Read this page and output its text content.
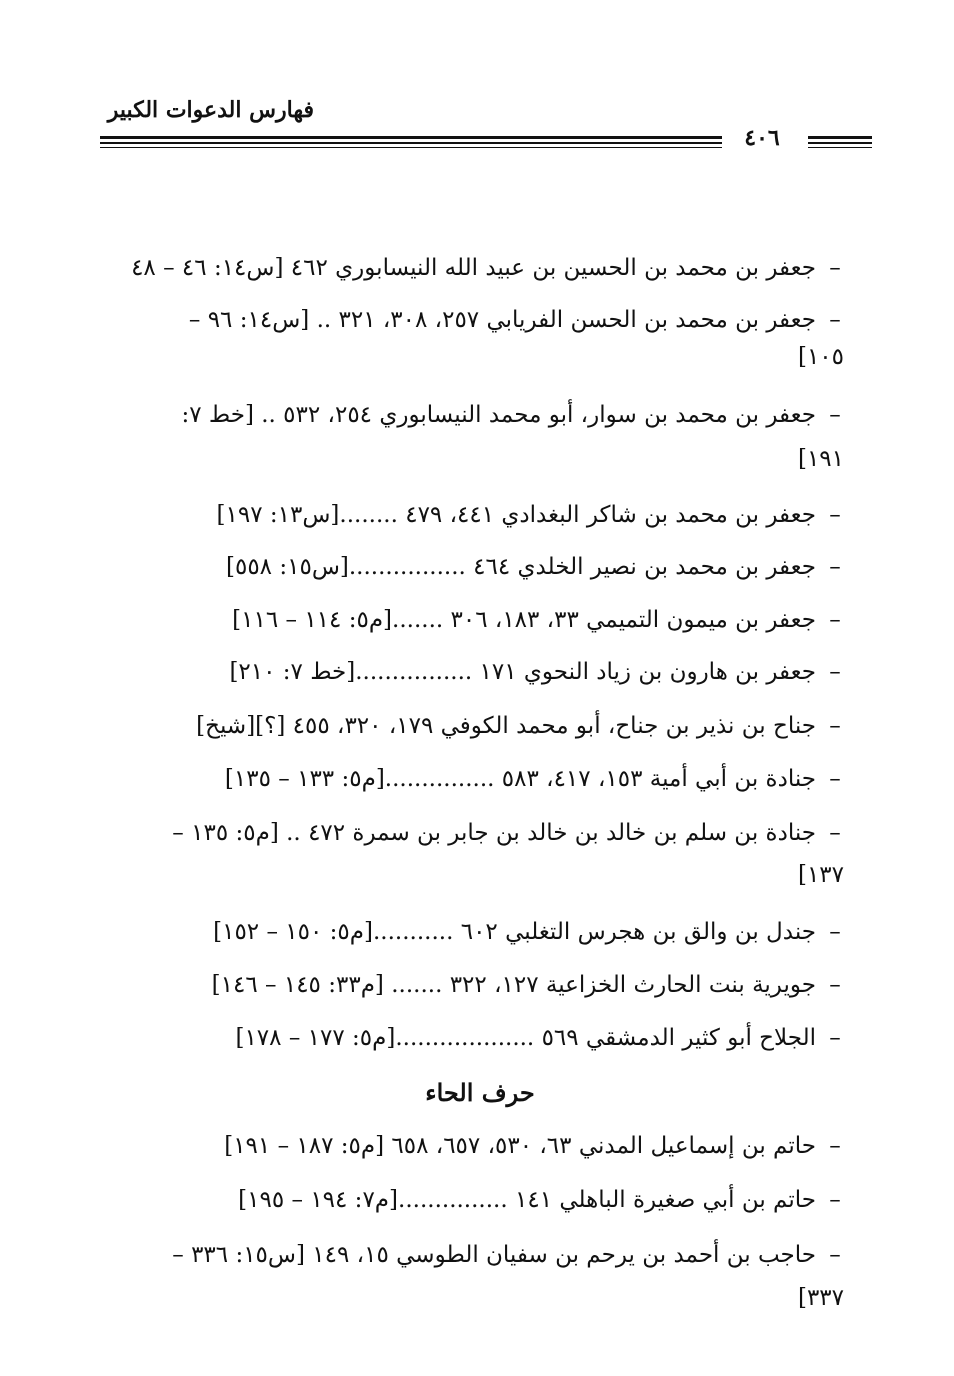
فهارس الدعوات الكبير
٤٠٦
–جعفر بن محمد بن الحسين بن عبيد الله النيسابوري ٤٦٢ [س١٤: ٤٦ – ٤٨
–جعفر بن محمد بن الحسن الفريابي ٢٥٧، ٣٠٨، ٣٢١ .. [س١٤: ٩٦ –
١٠٥]
–جعفر بن محمد بن سوار، أبو محمد النيسابوري ٢٥٤، ٥٣٢ .. [خط ٧:
١٩١]
–جعفر بن محمد بن شاكر البغدادي ٤٤١، ٤٧٩ ........[س١٣: ١٩٧]
–جعفر بن محمد بن نصير الخلدي ٤٦٤ ................[س١٥: ٥٥٨]
–جعفر بن ميمون التميمي ٣٣، ١٨٣، ٣٠٦ .......[م٥: ١١٤ – ١١٦]
–جعفر بن هارون بن زياد النحوي ١٧١ ................[خط ٧: ٢١٠]
–جناح بن نذير بن جناح، أبو محمد الكوفي ١٧٩، ٣٢٠، ٤٥٥ [؟][شيخ]
–جنادة بن أبي أمية ١٥٣، ٤١٧، ٥٨٣ ...............[م٥: ١٣٣ – ١٣٥]
–جنادة بن سلم بن خالد بن خالد بن جابر بن سمرة ٤٧٢ .. [م٥: ١٣٥ –
١٣٧]
–جندل بن والق بن هجرس التغلبي ٦٠٢ ...........[م٥: ١٥٠ – ١٥٢]
–جويرية بنت الحارث الخزاعية ١٢٧، ٣٢٢ ....... [م٣٣: ١٤٥ – ١٤٦]
–الجلاح أبو كثير الدمشقي ٥٦٩ ...................[م٥: ١٧٧ – ١٧٨]
حرف الحاء
–حاتم بن إسماعيل المدني ٦٣، ٥٣٠، ٦٥٧، ٦٥٨ [م٥: ١٨٧ – ١٩١]
–حاتم بن أبي صغيرة الباهلي ١٤١ ...............[م٧: ١٩٤ – ١٩٥]
–حاجب بن أحمد بن يرحم بن سفيان الطوسي ١٥، ١٤٩ [س١٥: ٣٣٦ –
٣٣٧]
